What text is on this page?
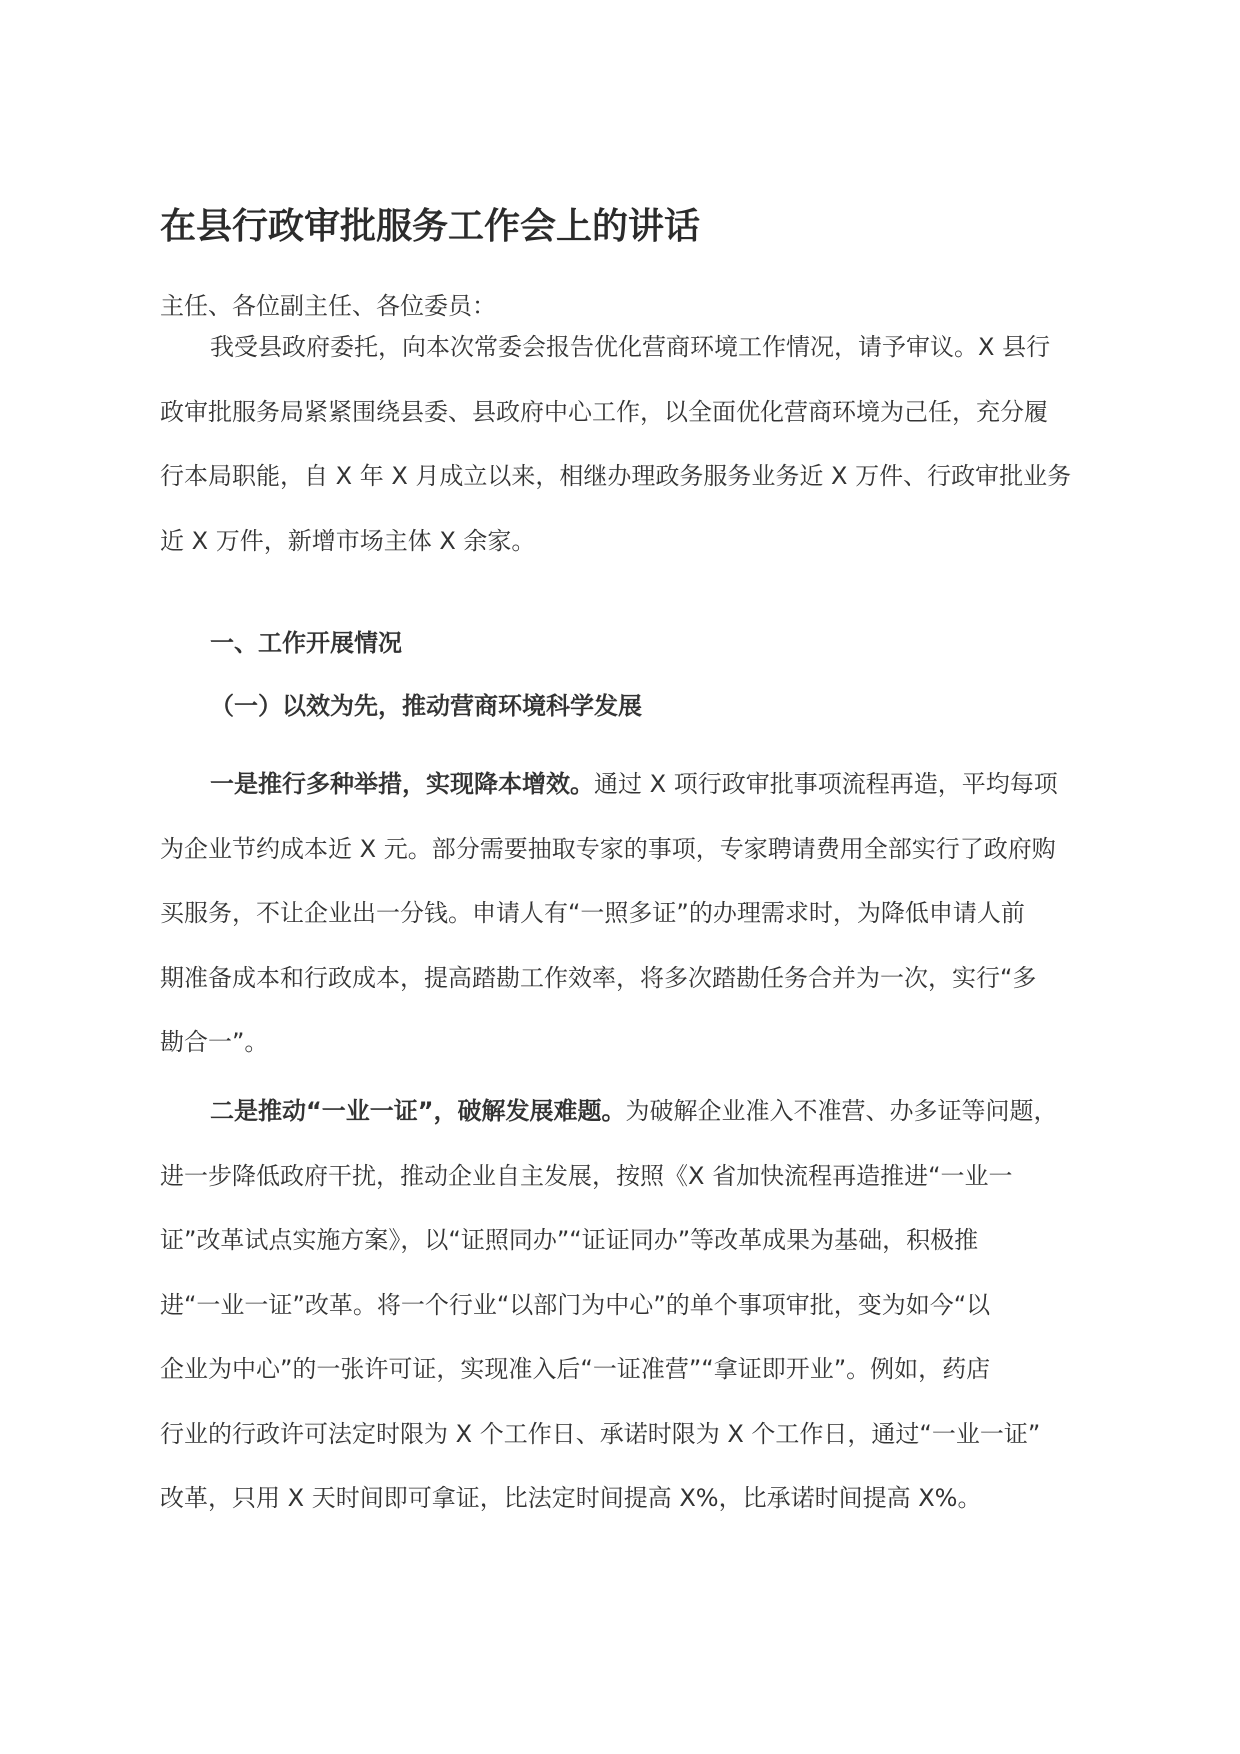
在县行政审批服务工作会上的讲话
主任、各位副主任、各位委员：
我受县政府委托，向本次常委会报告优化营商环境工作情况，请予审议。X 县行
政审批服务局紧紧围绕县委、县政府中心工作，以全面优化营商环境为己任，充分履
行本局职能，自 X 年 X 月成立以来，相继办理政务服务业务近 X 万件、行政审批业务
近 X 万件，新增市场主体 X 余家。
一、工作开展情况
（一）以效为先，推动营商环境科学发展
一是推行多种举措，实现降本增效。通过 X 项行政审批事项流程再造，平均每项
为企业节约成本近 X 元。部分需要抽取专家的事项，专家聘请费用全部实行了政府购
买服务，不让企业出一分钱。申请人有“一照多证”的办理需求时，为降低申请人前
期准备成本和行政成本，提高踏勘工作效率，将多次踏勘任务合并为一次，实行“多
勘合一”。
二是推动“一业一证”，破解发展难题。为破解企业准入不准营、办多证等问题，
进一步降低政府干扰，推动企业自主发展，按照《X 省加快流程再造推进“一业一
证”改革试点实施方案》，以“证照同办”“证证同办”等改革成果为基础，积极推
进“一业一证”改革。将一个行业“以部门为中心”的单个事项审批，变为如今“以
企业为中心”的一张许可证，实现准入后“一证准营”“拿证即开业”。例如，药店
行业的行政许可法定时限为 X 个工作日、承诺时限为 X 个工作日，通过“一业一证”
改革，只用 X 天时间即可拿证，比法定时间提高 X%，比承诺时间提高 X%。
